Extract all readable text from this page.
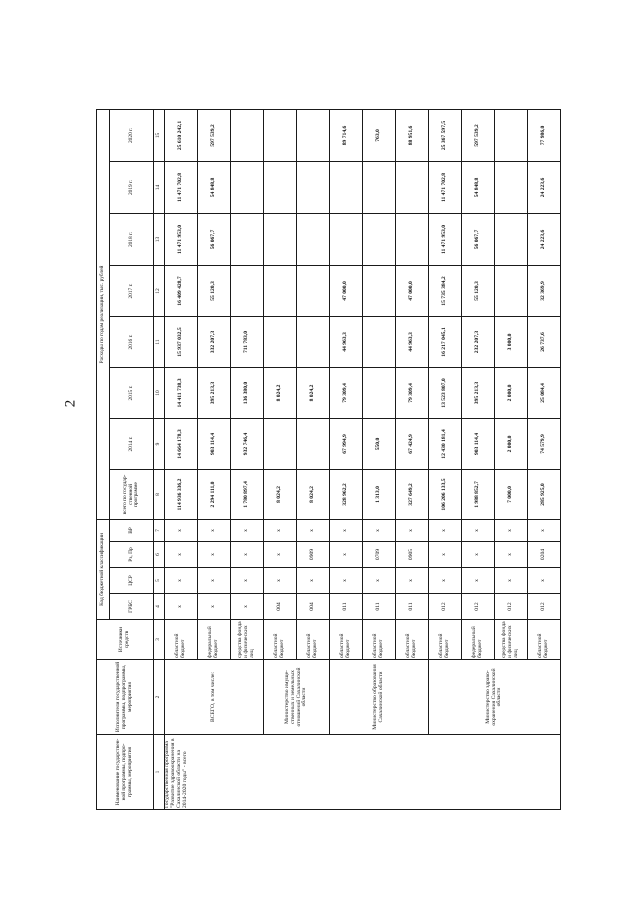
2
Наименование государственной программы, подпрограммы, мероприятия	Исполнители государственной программы, подпрограммы, мероприятия	Источники средств	Код бюджетной классификации				Расходы по годам реализации, тыс. рублей							
			ГРБС	ЦСР	Рз, Пр	ВР	всего по государственной программе	2014 г.	2015 г.	2016 г.	2017 г.	2018 г.	2019 г.	2020 г.

1	2	3	4	5	6	7	8	9	10	11	12	13	14	15
Государственная программа "Развитие здравоохранения в Сахалинской области на 2014-2020 годы" - всего	ВСЕГО, в том числе:	областной бюджет	x	x	x	x	114 936 336,2	14 664 178,3	14 411 738,3	15 937 032,5	16 409 428,7	11 471 953,0	11 471 702,8	25 610 242,1
		федеральный бюджет	x	x	x	x	2 294 111,0	903 114,4	395 213,3	332 207,3	55 120,3	56 067,7	54 848,8	597 539,2
		средства фонда и физических лиц	x	x	x	x	1 780 897,4	932 746,4	136 380,0	711 783,0				
	Министерство имущественных и земельных отношений Сахалинской области	областной бюджет	004	x	x	x	8 024,2		8 024,2					
		областной бюджет	004	x	0909	x	8 024,2		8 024,2					
	Министерство образования Сахалинской области	областной бюджет	011	x	x	x	328 962,2	67 994,9	79 309,4	44 963,3	47 000,0			89 714,6
		областной бюджет	011	x	0709	x	1 313,0	550,0						763,0
		областной бюджет	011	x	0905	x	327 649,2	67 424,9	79 309,4	44 963,3	47 000,0			88 951,6
	Министерство здравоохранения Сахалинской области	областной бюджет	012	x	x	x	106 206 133,5	12 430 181,4	13 523 807,0	16 217 045,1	15 735 384,2	11 471 953,0	11 471 702,8	25 367 597,5
		федеральный бюджет	012	x	x	x	1 988 852,7	903 114,4	395 213,3	232 207,3	55 120,3	56 067,7	54 848,8	597 539,2
		средства фонда и физических лиц	012	x	x	x	7 000,0	2 000,0	2 000,0	3 000,0				
		областной бюджет	012	x	0204	x	285 925,0	74 579,9	25 084,4	26 737,6	32 369,9	24 223,6	24 223,6	77 986,0
